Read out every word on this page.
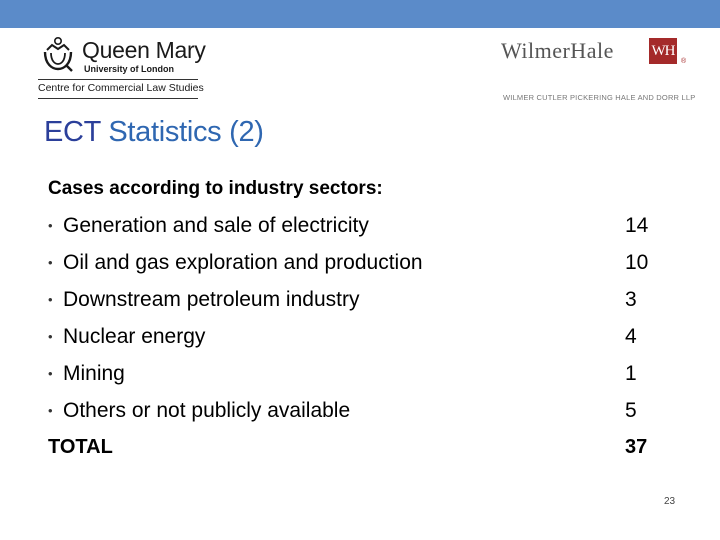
Queen Mary
University of London
Centre for Commercial Law Studies
WilmerHale	WH
®
WILMER CUTLER PICKERING HALE AND DORR LLP
ECT Statistics (2)
Cases according to industry sectors:
• Generation and sale of electricity	14
• Oil and gas exploration and production	10
• Downstream petroleum industry	3
• Nuclear energy	4
• Mining	1
• Others or not publicly available	5
TOTAL	37
23
